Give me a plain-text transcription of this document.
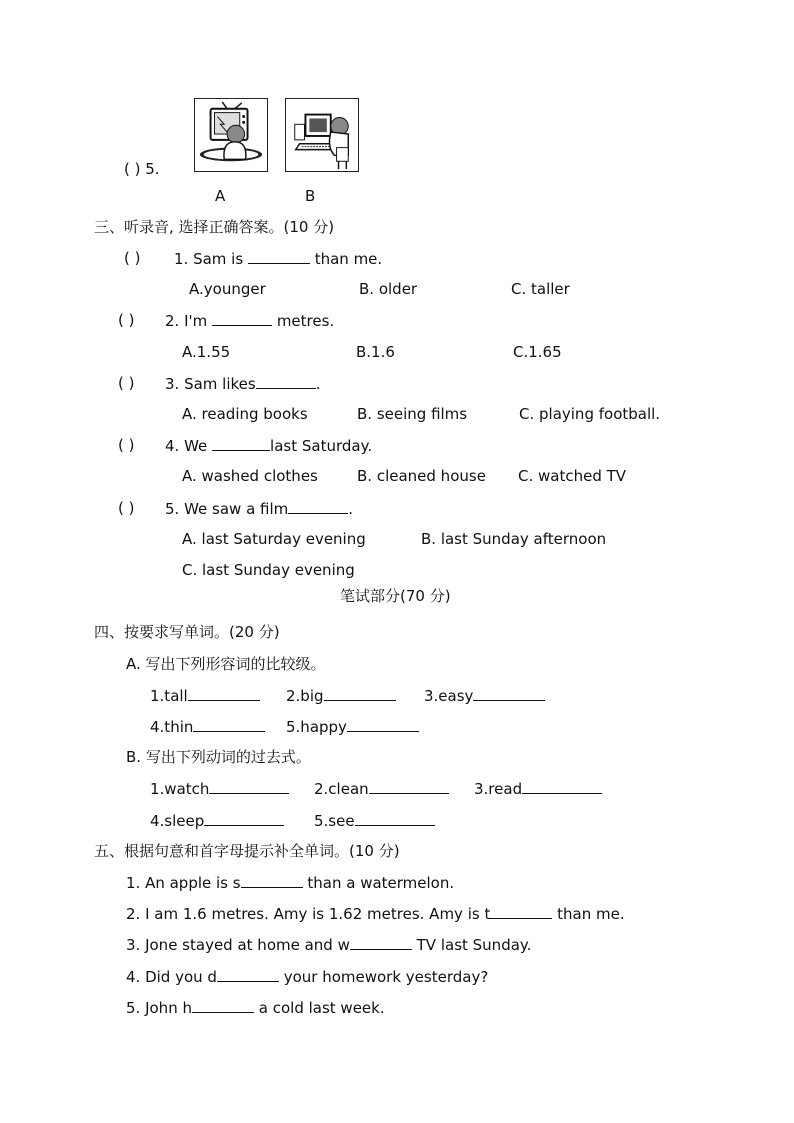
( ) 5.
A	B
三、听录音, 选择正确答案。(10 分)
( ) 1. Sam is	than me.
A.younger	B. older	C. taller
( ) 2. I'm	metres.
A.1.55	B.1.6	C.1.65
( ) 3. Sam likes	.
A. reading books	B. seeing films	C. playing football.
( ) 4. We	last Saturday.
A. washed clothes	B. cleaned house C. watched TV
( ) 5. We saw a film	.
A. last Saturday evening	B. last Sunday afternoon
C. last Sunday evening
笔试部分(70 分)
四、按要求写单词。(20 分)
A. 写出下列形容词的比较级。
1.tall	2.big	3.easy
4.thin	5.happy
B. 写出下列动词的过去式。
1.watch	2.clean	3.read
4.sleep	5.see
五、根据句意和首字母提示补全单词。(10 分)
1. An apple is s	than a watermelon.
2. I am 1.6 metres. Amy is 1.62 metres. Amy is t	than me.
3. Jone stayed at home and w	TV last Sunday.
4. Did you d	your homework yesterday?
5. John h	a cold last week.
